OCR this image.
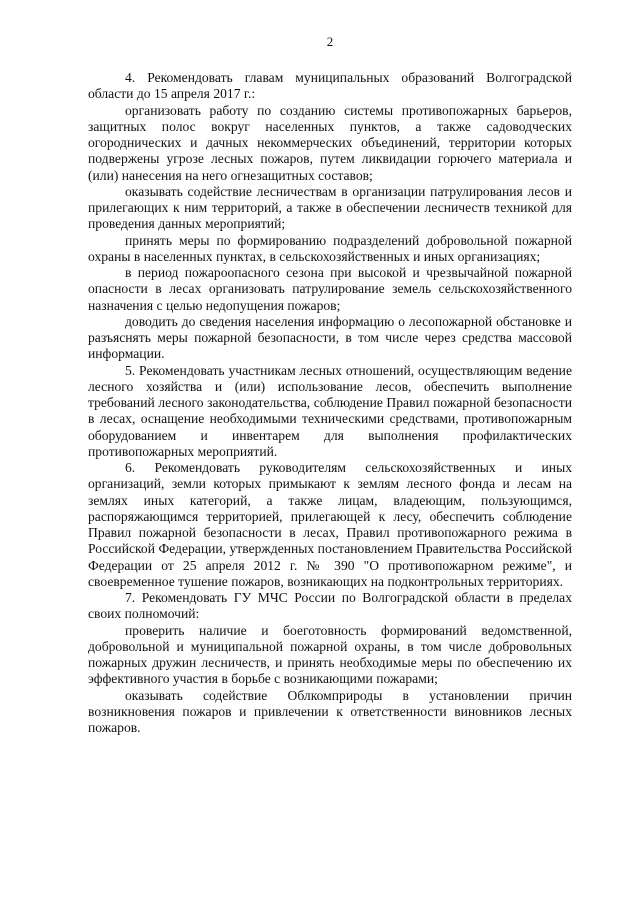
2

4. Рекомендовать главам муниципальных образований Волгоградской области до 15 апреля 2017 г.:

организовать работу по созданию системы противопожарных барьеров, защитных полос вокруг населенных пунктов, а также садоводческих огороднических и дачных некоммерческих объединений, территории которых подвержены угрозе лесных пожаров, путем ликвидации горючего материала и (или) нанесения на него огнезащитных составов;

оказывать содействие лесничествам в организации патрулирования лесов и прилегающих к ним территорий, а также в обеспечении лесничеств техникой для проведения данных мероприятий;

принять меры по формированию подразделений добровольной пожарной охраны в населенных пунктах, в сельскохозяйственных и иных организациях;

в период пожароопасного сезона при высокой и чрезвычайной пожарной опасности в лесах организовать патрулирование земель сельскохозяйственного назначения с целью недопущения пожаров;

доводить до сведения населения информацию о лесопожарной обстановке и разъяснять меры пожарной безопасности, в том числе через средства массовой информации.

5. Рекомендовать участникам лесных отношений, осуществляющим ведение лесного хозяйства и (или) использование лесов, обеспечить выполнение требований лесного законодательства, соблюдение Правил пожарной безопасности в лесах, оснащение необходимыми техническими средствами, противопожарным оборудованием и инвентарем для выполнения профилактических противопожарных мероприятий.

6. Рекомендовать руководителям сельскохозяйственных и иных организаций, земли которых примыкают к землям лесного фонда и лесам на землях иных категорий, а также лицам, владеющим, пользующимся, распоряжающимся территорией, прилегающей к лесу, обеспечить соблюдение Правил пожарной безопасности в лесах, Правил противопожарного режима в Российской Федерации, утвержденных постановлением Правительства Российской Федерации от 25 апреля 2012 г. № 390 "О противопожарном режиме", и своевременное тушение пожаров, возникающих на подконтрольных территориях.

7. Рекомендовать ГУ МЧС России по Волгоградской области в пределах своих полномочий:

проверить наличие и боеготовность формирований ведомственной, добровольной и муниципальной пожарной охраны, в том числе добровольных пожарных дружин лесничеств, и принять необходимые меры по обеспечению их эффективного участия в борьбе с возникающими пожарами;

оказывать содействие Облкомприроды в установлении причин возникновения пожаров и привлечении к ответственности виновников лесных пожаров.
